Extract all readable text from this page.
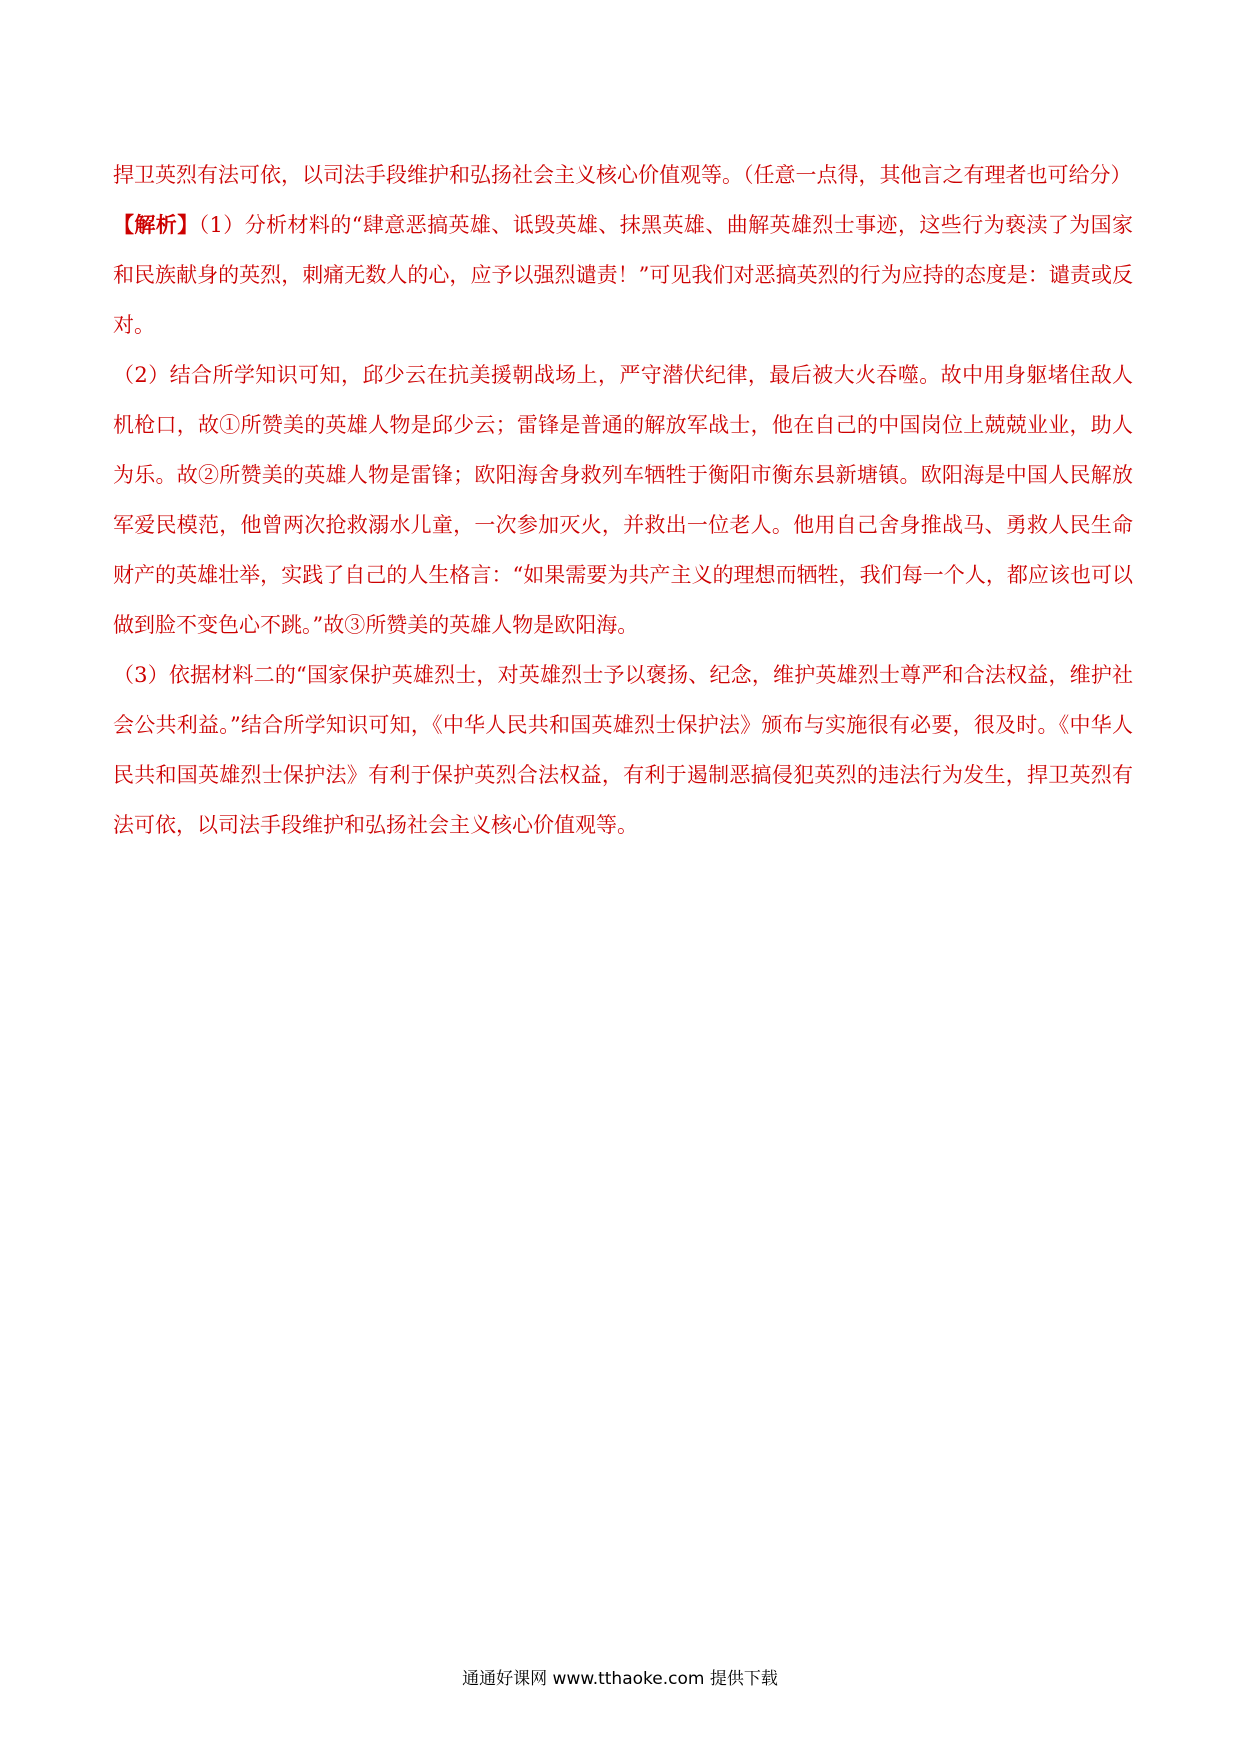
捍卫英烈有法可依，以司法手段维护和弘扬社会主义核心价值观等。（任意一点得，其他言之有理者也可给分）

【解析】（1）分析材料的“肆意恶搞英雄、诋毁英雄、抹黑英雄、曲解英雄烈士事迹，这些行为亵渎了为国家和民族献身的英烈，刺痛无数人的心，应予以强烈谴责！”可见我们对恶搞英烈的行为应持的态度是：谴责或反对。

（2）结合所学知识可知，邱少云在抗美援朝战场上，严守潜伏纪律，最后被大火吞噬。故中用身躯堵住敌人机枪口，故①所赞美的英雄人物是邱少云；雷锋是普通的解放军战士，他在自己的中国岗位上兢兢业业，助人为乐。故②所赞美的英雄人物是雷锋；欧阳海舍身救列车牺牲于衡阳市衡东县新塘镇。欧阳海是中国人民解放军爱民模范，他曾两次抢救溺水儿童，一次参加灭火，并救出一位老人。他用自己舍身推战马、勇救人民生命财产的英雄壮举，实践了自己的人生格言：“如果需要为共产主义的理想而牺牲，我们每一个人，都应该也可以做到脸不变色心不跳。”故③所赞美的英雄人物是欧阳海。

（3）依据材料二的“国家保护英雄烈士，对英雄烈士予以褒扬、纪念，维护英雄烈士尊严和合法权益，维护社会公共利益。”结合所学知识可知，《中华人民共和国英雄烈士保护法》颁布与实施很有必要，很及时。《中华人民共和国英雄烈士保护法》有利于保护英烈合法权益，有利于遏制恶搞侵犯英烈的违法行为发生，捍卫英烈有法可依，以司法手段维护和弘扬社会主义核心价值观等。

通通好课网 www.tthaoke.com 提供下载
